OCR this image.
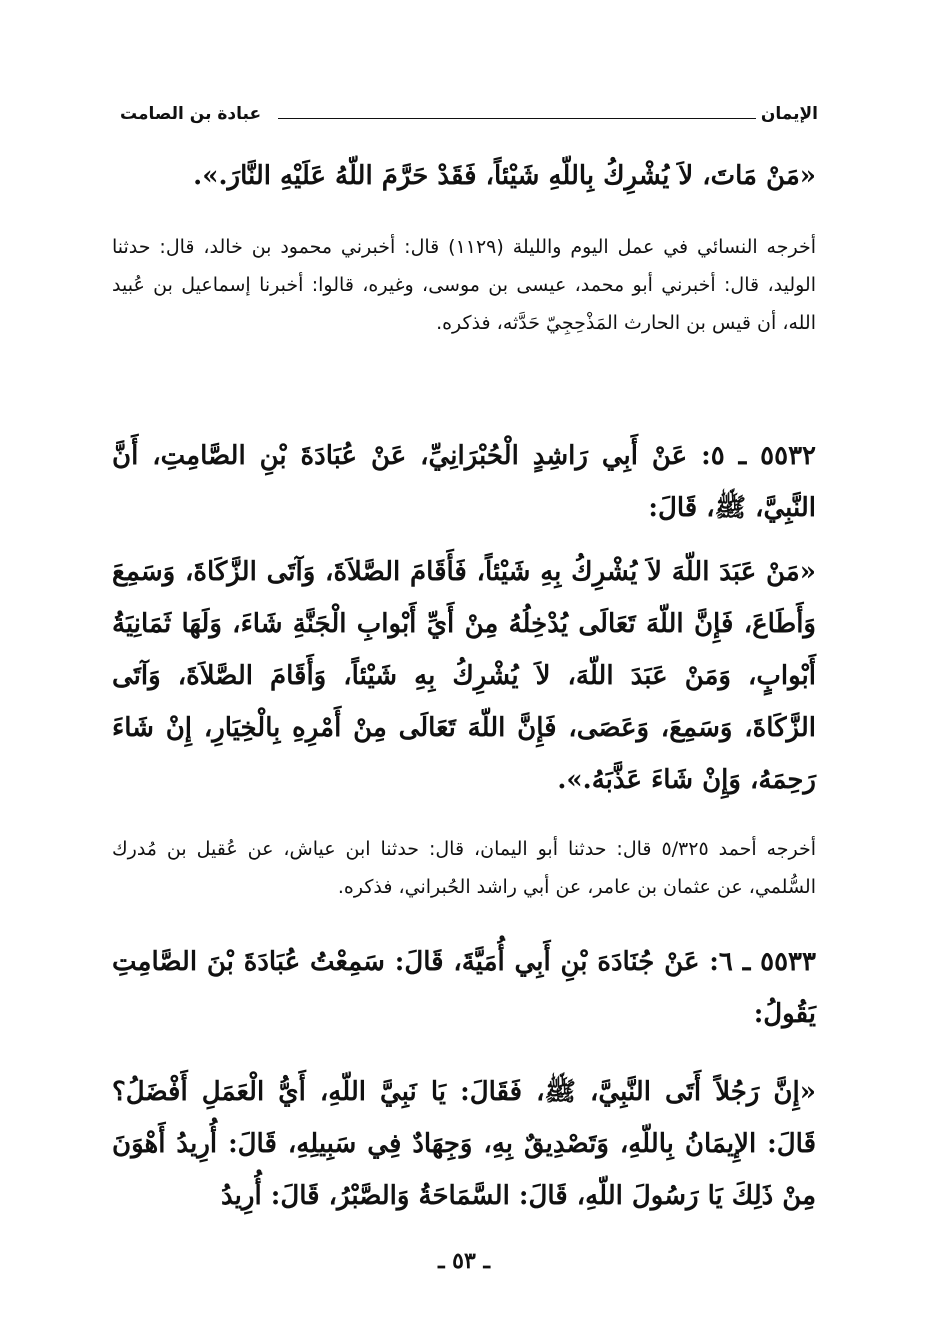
الإيمان
عبادة بن الصامت
«مَنْ مَاتَ، لاَ يُشْرِكُ بِاللّهِ شَيْئاً، فَقَدْ حَرَّمَ اللّهُ عَلَيْهِ النَّارَ.».
أخرجه النسائي في عمل اليوم والليلة (١١٢٩) قال: أخبرني محمود بن خالد، قال: حدثنا الوليد، قال: أخبرني أبو محمد، عيسى بن موسى، وغيره، قالوا: أخبرنا إسماعيل بن عُبيد الله، أن قيس بن الحارث المَذْحِجِيّ حَدَّثه، فذكره.
٥٥٣٢ ـ ٥: عَنْ أَبِي رَاشِدٍ الْحُبْرَانِيِّ، عَنْ عُبَادَةَ بْنِ الصَّامِتِ، أَنَّ النَّبِيَّ، ﷺ، قَالَ:
«مَنْ عَبَدَ اللّهَ لاَ يُشْرِكُ بِهِ شَيْئاً، فَأَقَامَ الصَّلاَةَ، وَآتَى الزَّكَاةَ، وَسَمِعَ وَأَطَاعَ، فَإِنَّ اللّهَ تَعَالَى يُدْخِلُهُ مِنْ أَيِّ أَبْوابِ الْجَنَّةِ شَاءَ، وَلَهَا ثَمَانِيَةُ أَبْوابٍ، وَمَنْ عَبَدَ اللّهَ، لاَ يُشْرِكُ بِهِ شَيْئاً، وَأَقَامَ الصَّلاَةَ، وَآتَى الزَّكَاةَ، وَسَمِعَ، وَعَصَى، فَإِنَّ اللّهَ تَعَالَى مِنْ أَمْرِهِ بِالْخِيَارِ، إِنْ شَاءَ رَحِمَهُ، وَإِنْ شَاءَ عَذَّبَهُ.».
أخرجه أحمد ٥/٣٢٥ قال: حدثنا أبو اليمان، قال: حدثنا ابن عياش، عن عُقيل بن مُدرك السُّلمي، عن عثمان بن عامر، عن أبي راشد الحُبراني، فذكره.
٥٥٣٣ ـ ٦: عَنْ جُنَادَهَ بْنِ أَبِي أُمَيَّةَ، قَالَ: سَمِعْتُ عُبَادَةَ بْنَ الصَّامِتِ يَقُولُ:
«إِنَّ رَجُلاً أَتَى النَّبِيَّ، ﷺ، فَقَالَ: يَا نَبِيَّ اللّهِ، أَيُّ الْعَمَلِ أَفْضَلُ؟ قَالَ: الإِيمَانُ بِاللّهِ، وَتَصْدِيقٌ بِهِ، وَجِهَادٌ فِي سَبِيلِهِ، قَالَ: أُرِيدُ أَهْوَنَ مِنْ ذَلِكَ يَا رَسُولَ اللّهِ، قَالَ: السَّمَاحَةُ وَالصَّبْرُ، قَالَ: أُرِيدُ
ـ ٥٣ ـ
